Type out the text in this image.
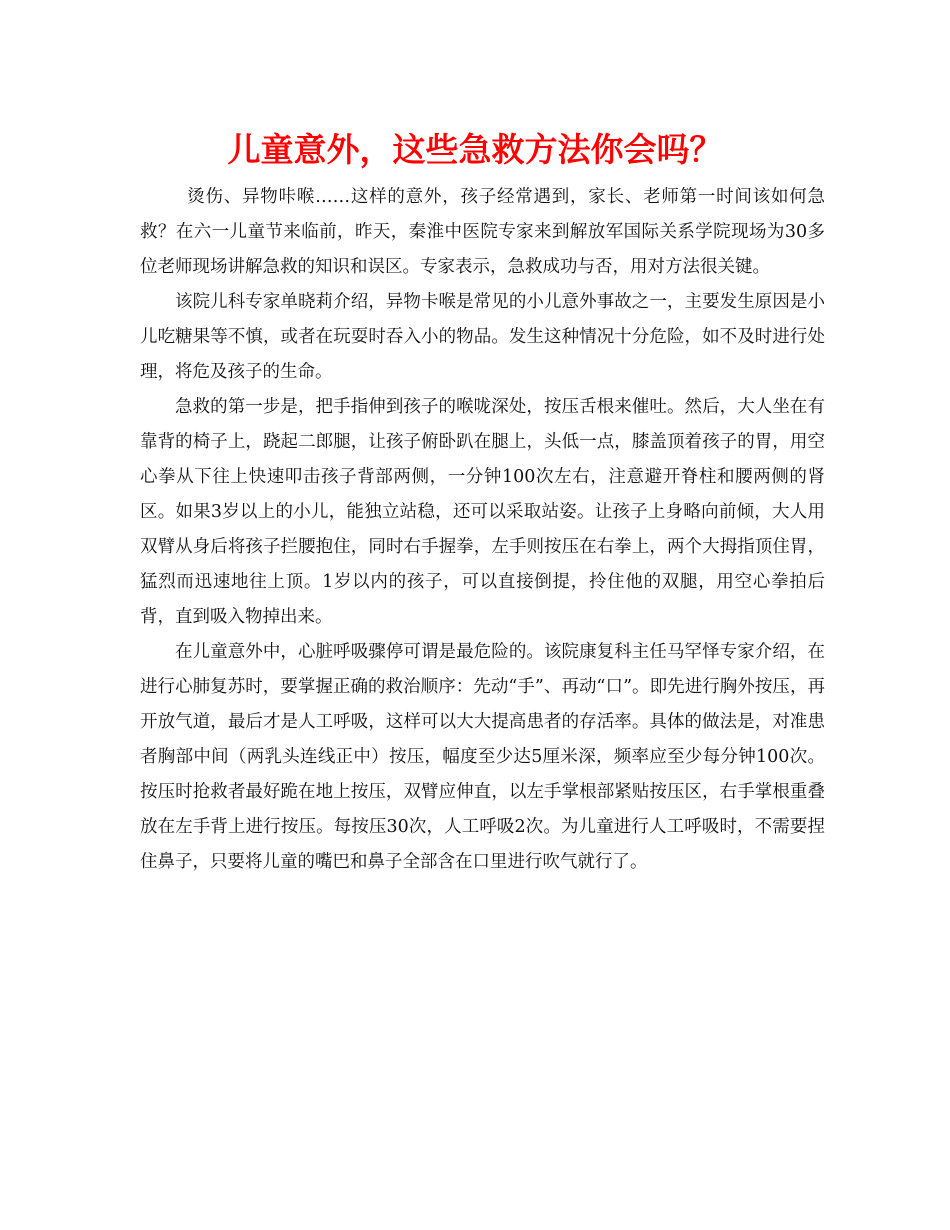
儿童意外，这些急救方法你会吗？

烫伤、异物咔喉……这样的意外，孩子经常遇到，家长、老师第一时间该如何急救？在六一儿童节来临前，昨天，秦淮中医院专家来到解放军国际关系学院现场为30多位老师现场讲解急救的知识和误区。专家表示，急救成功与否，用对方法很关键。

该院儿科专家单晓莉介绍，异物卡喉是常见的小儿意外事故之一，主要发生原因是小儿吃糖果等不慎，或者在玩耍时吞入小的物品。发生这种情况十分危险，如不及时进行处理，将危及孩子的生命。

急救的第一步是，把手指伸到孩子的喉咙深处，按压舌根来催吐。然后，大人坐在有靠背的椅子上，跷起二郎腿，让孩子俯卧趴在腿上，头低一点，膝盖顶着孩子的胃，用空心拳从下往上快速叩击孩子背部两侧，一分钟100次左右，注意避开脊柱和腰两侧的肾区。如果3岁以上的小儿，能独立站稳，还可以采取站姿。让孩子上身略向前倾，大人用双臂从身后将孩子拦腰抱住，同时右手握拳，左手则按压在右拳上，两个大拇指顶住胃，猛烈而迅速地往上顶。1岁以内的孩子，可以直接倒提，拎住他的双腿，用空心拳拍后背，直到吸入物掉出来。

在儿童意外中，心脏呼吸骤停可谓是最危险的。该院康复科主任马罕怿专家介绍，在进行心肺复苏时，要掌握正确的救治顺序：先动“手”、再动“口”。即先进行胸外按压，再开放气道，最后才是人工呼吸，这样可以大大提高患者的存活率。具体的做法是，对准患者胸部中间（两乳头连线正中）按压，幅度至少达5厘米深，频率应至少每分钟100次。按压时抢救者最好跪在地上按压，双臂应伸直，以左手掌根部紧贴按压区，右手掌根重叠放在左手背上进行按压。每按压30次，人工呼吸2次。为儿童进行人工呼吸时，不需要捏住鼻子，只要将儿童的嘴巴和鼻子全部含在口里进行吹气就行了。
